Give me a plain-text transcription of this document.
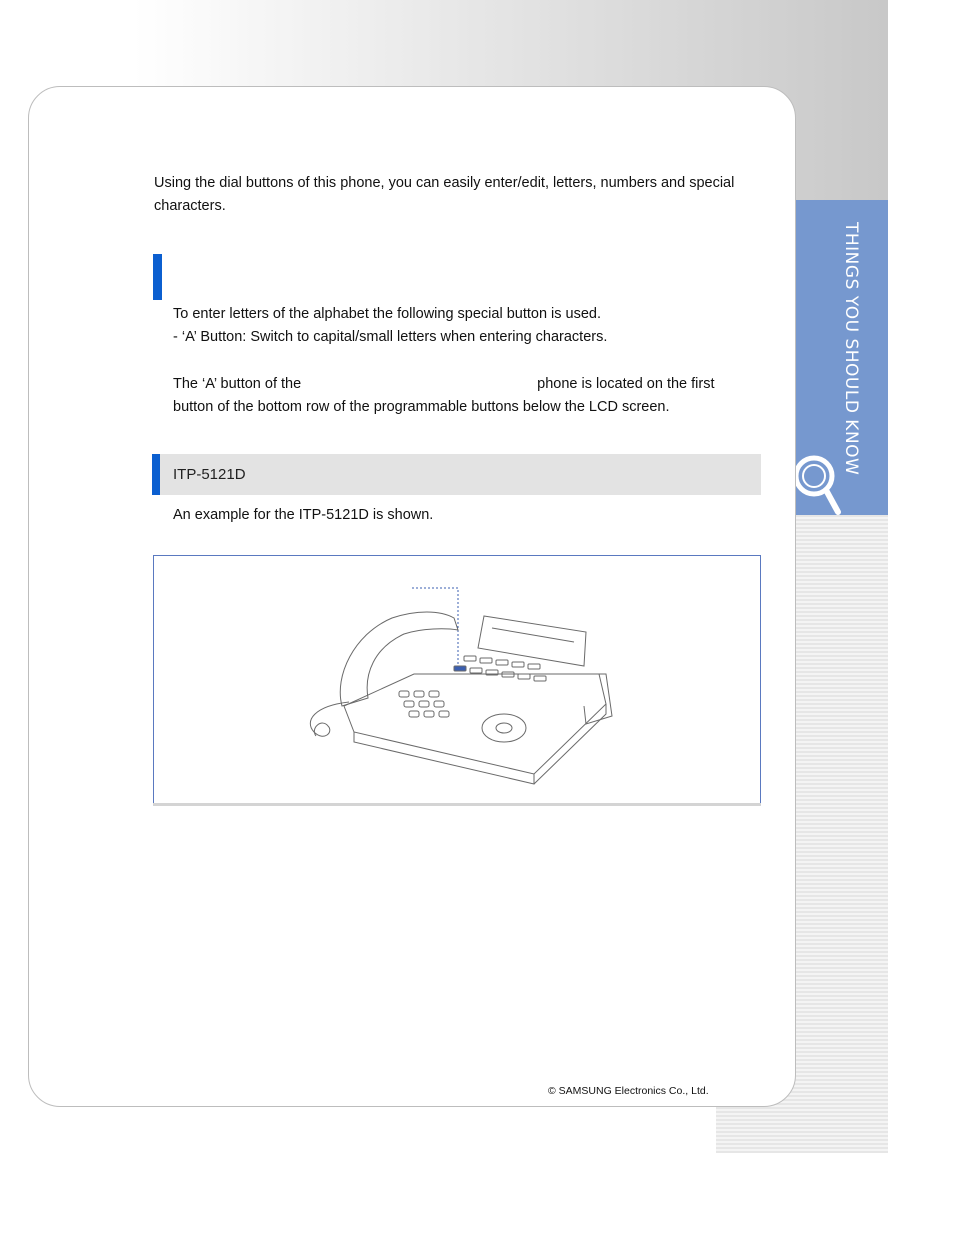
THINGS YOU SHOULD KNOW

Using the dial buttons of this phone, you can easily enter/edit, letters, numbers and special characters.

To enter letters of the alphabet the following special button is used.
- ‘A’ Button: Switch to capital/small letters when entering characters.

The ‘A’ button of the	phone is located on the first button of the bottom row of the programmable buttons below the LCD screen.

ITP-5121D

An example for the ITP-5121D is shown.

© SAMSUNG Electronics Co., Ltd.
